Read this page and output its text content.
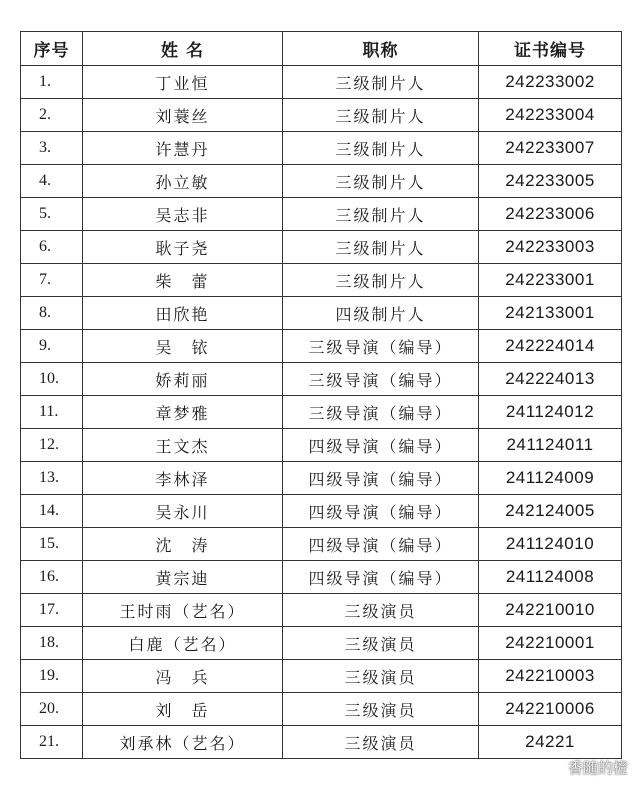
序号	姓 名	职称	证书编号
1.	丁业恒	三级制片人	242233002
2.	刘蓑丝	三级制片人	242233004
3.	许慧丹	三级制片人	242233007
4.	孙立敏	三级制片人	242233005
5.	吴志非	三级制片人	242233006
6.	耿子尧	三级制片人	242233003
7.	柴　蕾	三级制片人	242233001
8.	田欣艳	四级制片人	242133001
9.	吴　铱	三级导演（编导）	242224014
10.	娇莉丽	三级导演（编导）	242224013
11.	章梦雅	三级导演（编导）	241124012
12.	王文杰	四级导演（编导）	241124011
13.	李林泽	四级导演（编导）	241124009
14.	吴永川	四级导演（编导）	242124005
15.	沈　涛	四级导演（编导）	241124010
16.	黄宗迪	四级导演（编导）	241124008
17.	王时雨（艺名）	三级演员	242210010
18.	白鹿（艺名）	三级演员	242210001
19.	冯　兵	三级演员	242210003
20.	刘　岳	三级演员	242210006
21.	刘承林（艺名）	三级演员	24221
香随的橙
